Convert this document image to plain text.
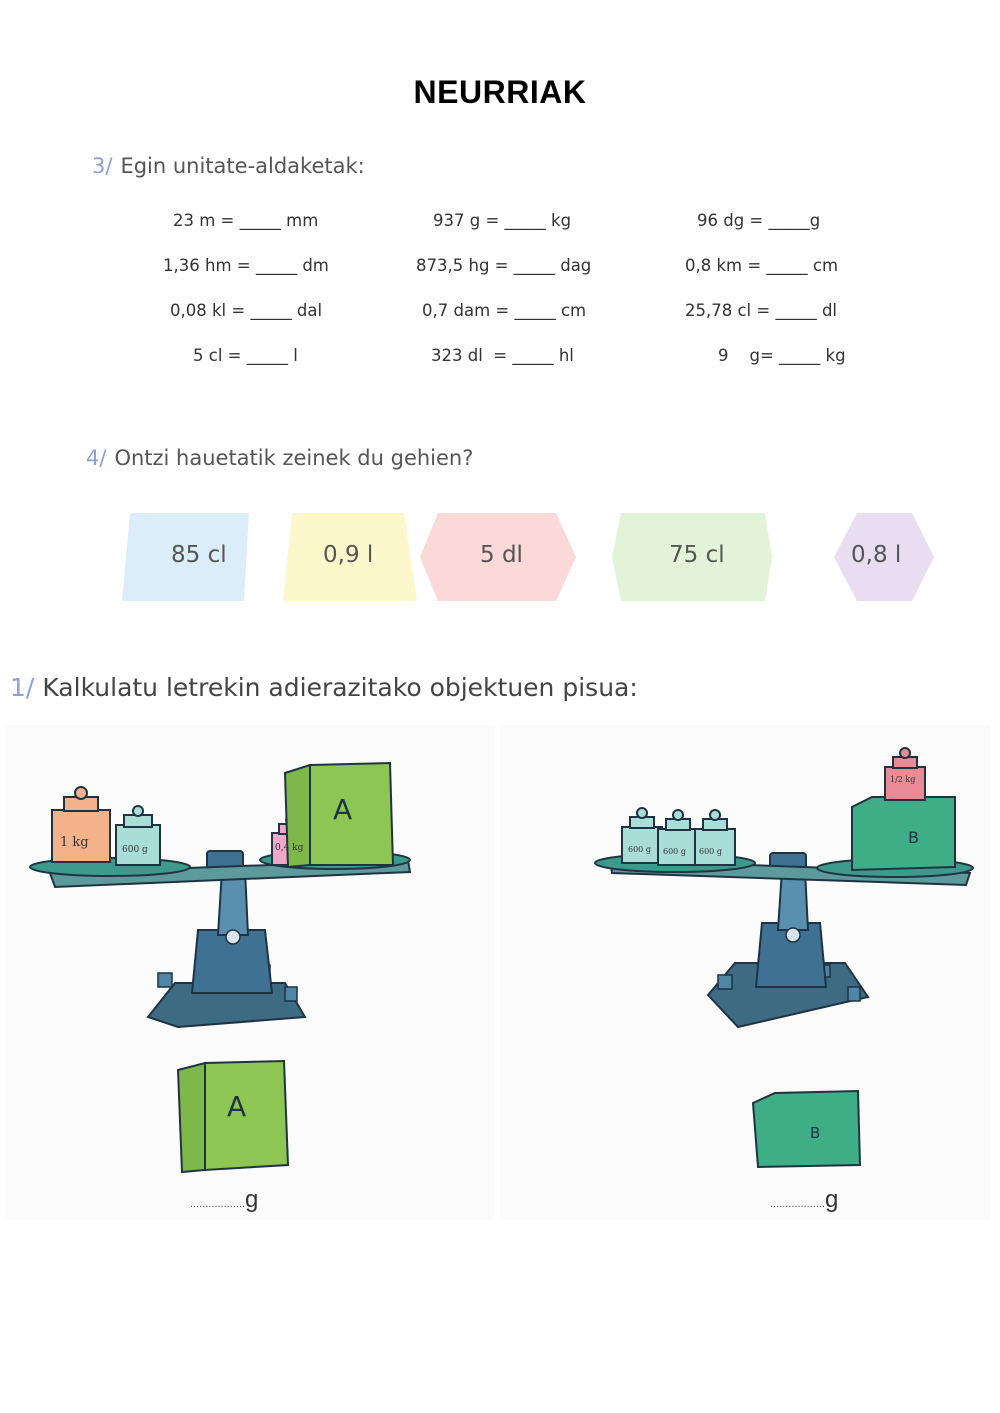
NEURRIAK
3/ Egin unitate-aldaketak:
23 m = _____ mm	937 g = _____ kg	96 dg = _____g
1,36 hm = _____ dm	873,5 hg = _____ dag	0,8 km = _____ cm
0,08 kl = _____ dal	0,7 dam = _____ cm	25,78 cl = _____ dl
5 cl = _____ l	323 dl  = _____ hl	9    g= _____ kg
4/ Ontzi hauetatik zeinek du gehien?
85 cl	0,9 l	5 dl	75 cl	0,8 l
1/ Kalkulatu letrekin adierazitako objektuen pisua:
1 kg	600 g	0,4 kg
A
A
..................g
600 g 600 g 600 g
1/2 kg
B
B
..................g
